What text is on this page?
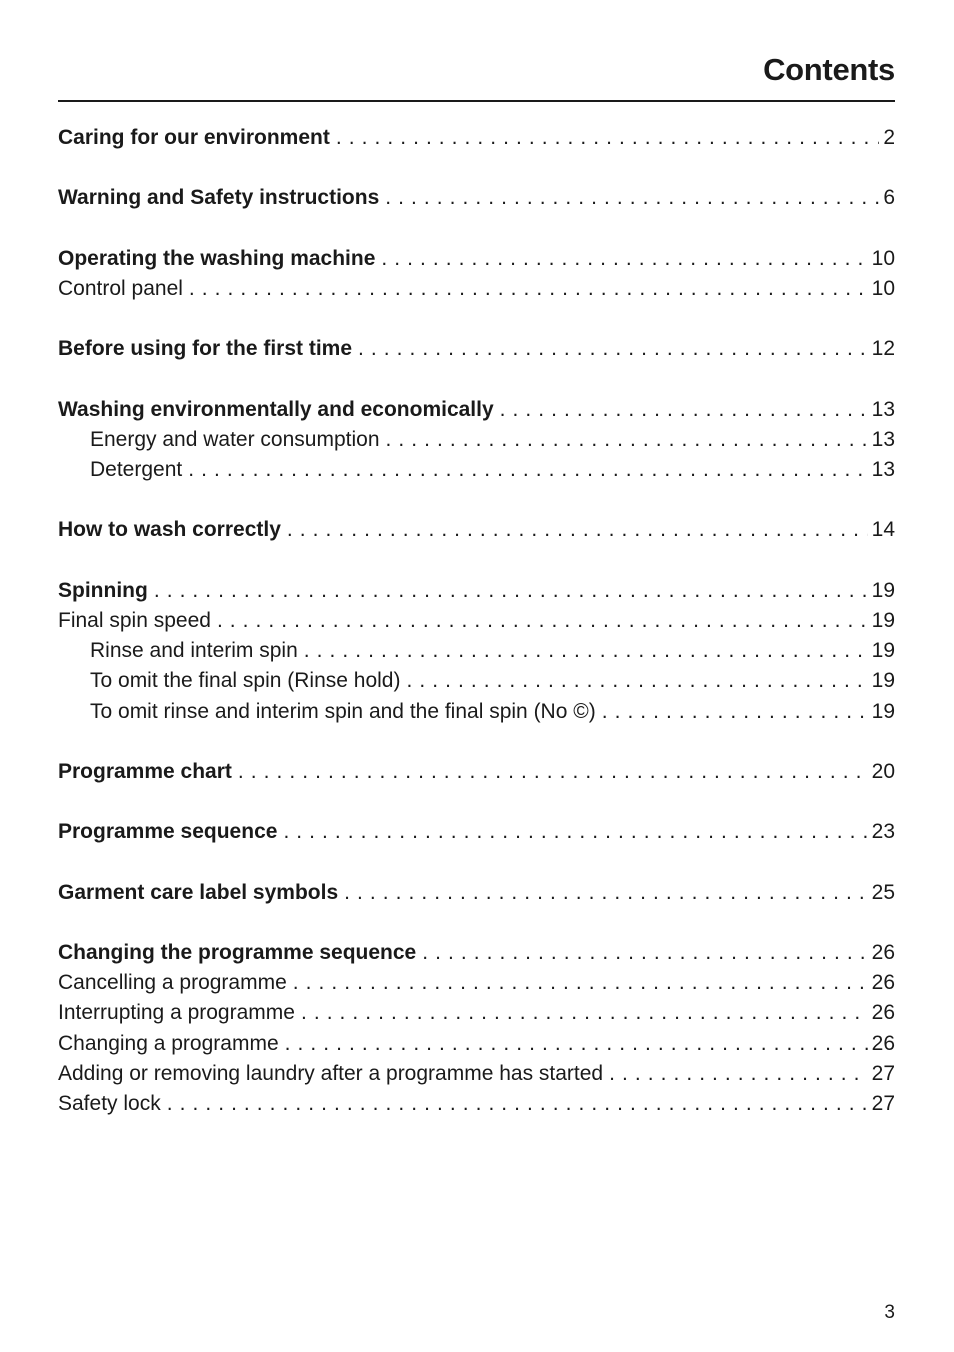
Contents
Caring for our environment . . .	2
Warning and Safety instructions . . .	6
Operating the washing machine . . .	10
Control panel . . .	10
Before using for the first time . . .	12
Washing environmentally and economically . . .	13
Energy and water consumption . . .	13
Detergent . . .	13
How to wash correctly . . .	14
Spinning . . .	19
Final spin speed . . .	19
Rinse and interim spin . . .	19
To omit the final spin (Rinse hold) . . .	19
To omit rinse and interim spin and the final spin (No ©) . . .	19
Programme chart . . .	20
Programme sequence . . .	23
Garment care label symbols . . .	25
Changing the programme sequence . . .	26
Cancelling a programme . . .	26
Interrupting a programme . . .	26
Changing a programme . . .	26
Adding or removing laundry after a programme has started . . .	27
Safety lock . . .	27
3
